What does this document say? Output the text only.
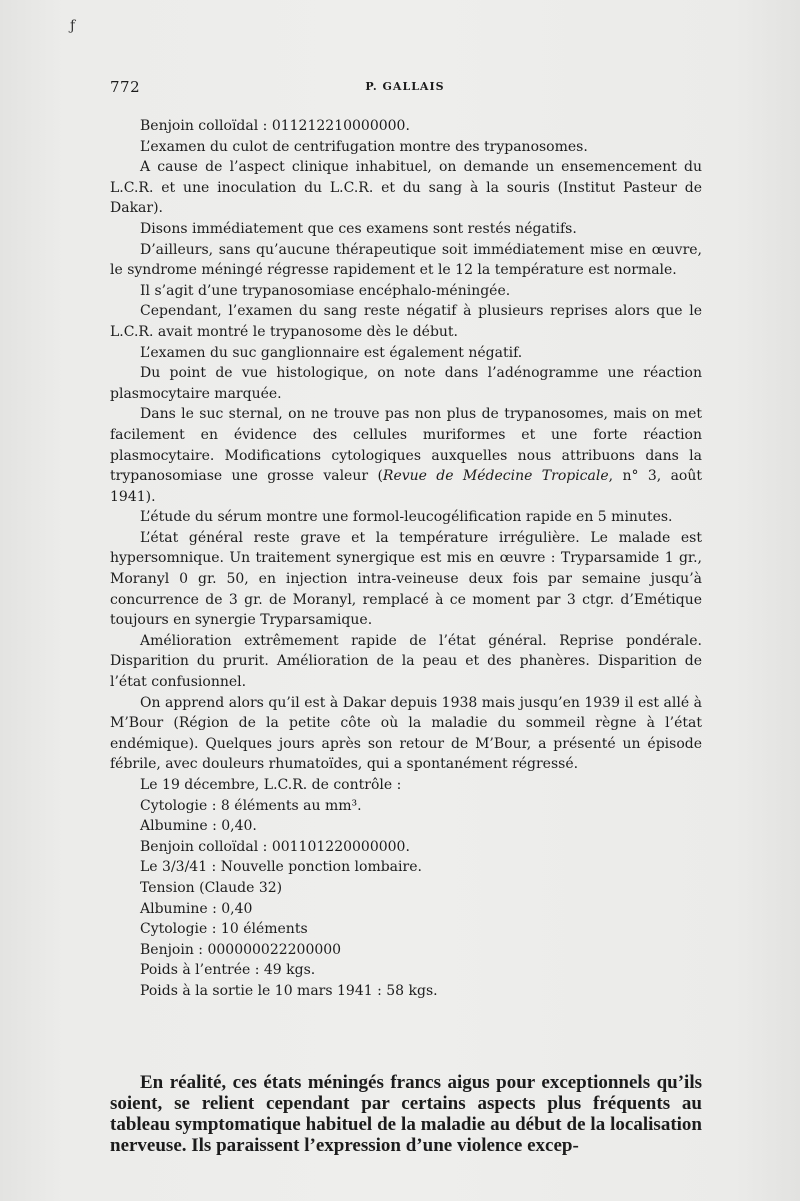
ƒ
772	P. GALLAIS

Benjoin colloïdal : 011212210000000.

L’examen du culot de centrifugation montre des trypanosomes.

A cause de l’aspect clinique inhabituel, on demande un ensemencement du L.C.R. et une inoculation du L.C.R. et du sang à la souris (Institut Pasteur de Dakar).

Disons immédiatement que ces examens sont restés négatifs.

D’ailleurs, sans qu’aucune thérapeutique soit immédiatement mise en œuvre, le syndrome méningé régresse rapidement et le 12 la température est normale.

Il s’agit d’une trypanosomiase encéphalo-méningée.

Cependant, l’examen du sang reste négatif à plusieurs reprises alors que le L.C.R. avait montré le trypanosome dès le début.

L’examen du suc ganglionnaire est également négatif.

Du point de vue histologique, on note dans l’adénogramme une réaction plasmocytaire marquée.

Dans le suc sternal, on ne trouve pas non plus de trypanosomes, mais on met facilement en évidence des cellules muriformes et une forte réaction plasmocytaire. Modifications cytologiques auxquelles nous attribuons dans la trypanosomiase une grosse valeur (Revue de Médecine Tropicale, n° 3, août 1941).

L’étude du sérum montre une formol-leucogélification rapide en 5 minutes.

L’état général reste grave et la température irrégulière. Le malade est hypersomnique. Un traitement synergique est mis en œuvre : Tryparsamide 1 gr., Moranyl 0 gr. 50, en injection intra-veineuse deux fois par semaine jusqu’à concurrence de 3 gr. de Moranyl, remplacé à ce moment par 3 ctgr. d’Emétique toujours en synergie Tryparsamique.

Amélioration extrêmement rapide de l’état général. Reprise pondérale. Disparition du prurit. Amélioration de la peau et des phanères. Disparition de l’état confusionnel.

On apprend alors qu’il est à Dakar depuis 1938 mais jusqu’en 1939 il est allé à M’Bour (Région de la petite côte où la maladie du sommeil règne à l’état endémique). Quelques jours après son retour de M’Bour, a présenté un épisode fébrile, avec douleurs rhumatoïdes, qui a spontanément régressé.

Le 19 décembre, L.C.R. de contrôle :

Cytologie : 8 éléments au mm³.

Albumine : 0,40.

Benjoin colloïdal : 001101220000000.

Le 3/3/41 : Nouvelle ponction lombaire.

Tension (Claude 32)

Albumine : 0,40

Cytologie : 10 éléments

Benjoin : 000000022200000

Poids à l’entrée : 49 kgs.

Poids à la sortie le 10 mars 1941 : 58 kgs.

En réalité, ces états méningés francs aigus pour exceptionnels qu’ils soient, se relient cependant par certains aspects plus fréquents au tableau symptomatique habituel de la maladie au début de la localisation nerveuse. Ils paraissent l’expression d’une violence excep-
